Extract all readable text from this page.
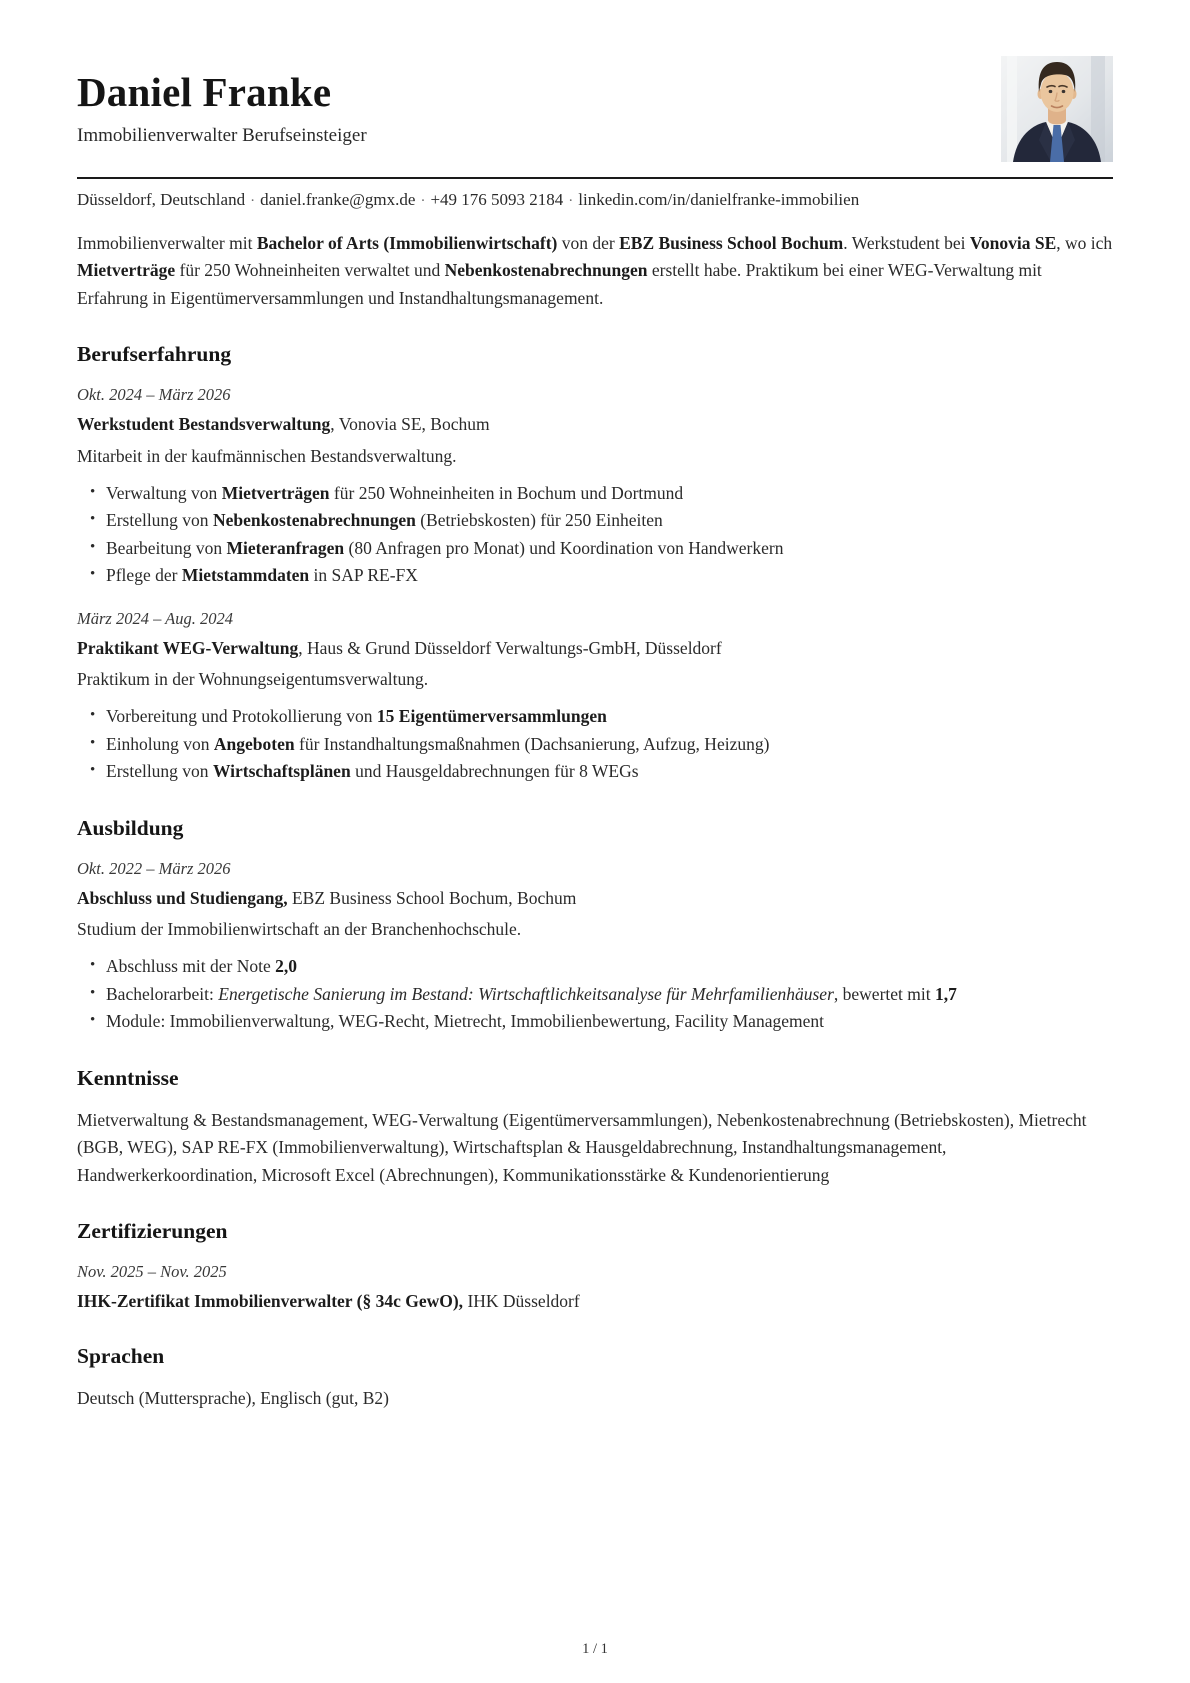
Daniel Franke
Immobilienverwalter Berufseinsteiger
Düsseldorf, Deutschland · daniel.franke@gmx.de · +49 176 5093 2184 · linkedin.com/in/danielfranke-immobilien

Immobilienverwalter mit Bachelor of Arts (Immobilienwirtschaft) von der EBZ Business School Bochum. Werkstudent bei Vonovia SE, wo ich Mietverträge für 250 Wohneinheiten verwaltet und Nebenkostenabrechnungen erstellt habe. Praktikum bei einer WEG-Verwaltung mit Erfahrung in Eigentümerversammlungen und Instandhaltungsmanagement.

Berufserfahrung
Okt. 2024 – März 2026
Werkstudent Bestandsverwaltung, Vonovia SE, Bochum
Mitarbeit in der kaufmännischen Bestandsverwaltung.
• Verwaltung von Mietverträgen für 250 Wohneinheiten in Bochum und Dortmund
• Erstellung von Nebenkostenabrechnungen (Betriebskosten) für 250 Einheiten
• Bearbeitung von Mieteranfragen (80 Anfragen pro Monat) und Koordination von Handwerkern
• Pflege der Mietstammdaten in SAP RE-FX
März 2024 – Aug. 2024
Praktikant WEG-Verwaltung, Haus & Grund Düsseldorf Verwaltungs-GmbH, Düsseldorf
Praktikum in der Wohnungseigentumsverwaltung.
• Vorbereitung und Protokollierung von 15 Eigentümerversammlungen
• Einholung von Angeboten für Instandhaltungsmaßnahmen (Dachsanierung, Aufzug, Heizung)
• Erstellung von Wirtschaftsplänen und Hausgeldabrechnungen für 8 WEGs
Ausbildung
Okt. 2022 – März 2026
Abschluss und Studiengang, EBZ Business School Bochum, Bochum
Studium der Immobilienwirtschaft an der Branchenhochschule.
• Abschluss mit der Note 2,0
• Bachelorarbeit: Energetische Sanierung im Bestand: Wirtschaftlichkeitsanalyse für Mehrfamilienhäuser, bewertet mit 1,7
• Module: Immobilienverwaltung, WEG-Recht, Mietrecht, Immobilienbewertung, Facility Management
Kenntnisse

Mietverwaltung & Bestandsmanagement, WEG-Verwaltung (Eigentümerversammlungen), Nebenkostenabrechnung (Betriebskosten), Mietrecht (BGB, WEG), SAP RE-FX (Immobilienverwaltung), Wirtschaftsplan & Hausgeldabrechnung, Instandhaltungsmanagement, Handwerkerkoordination, Microsoft Excel (Abrechnungen), Kommunikationsstärke & Kundenorientierung

Zertifizierungen
Nov. 2025 – Nov. 2025
IHK-Zertifikat Immobilienverwalter (§ 34c GewO), IHK Düsseldorf
Sprachen

Deutsch (Muttersprache), Englisch (gut, B2)

1 / 1
